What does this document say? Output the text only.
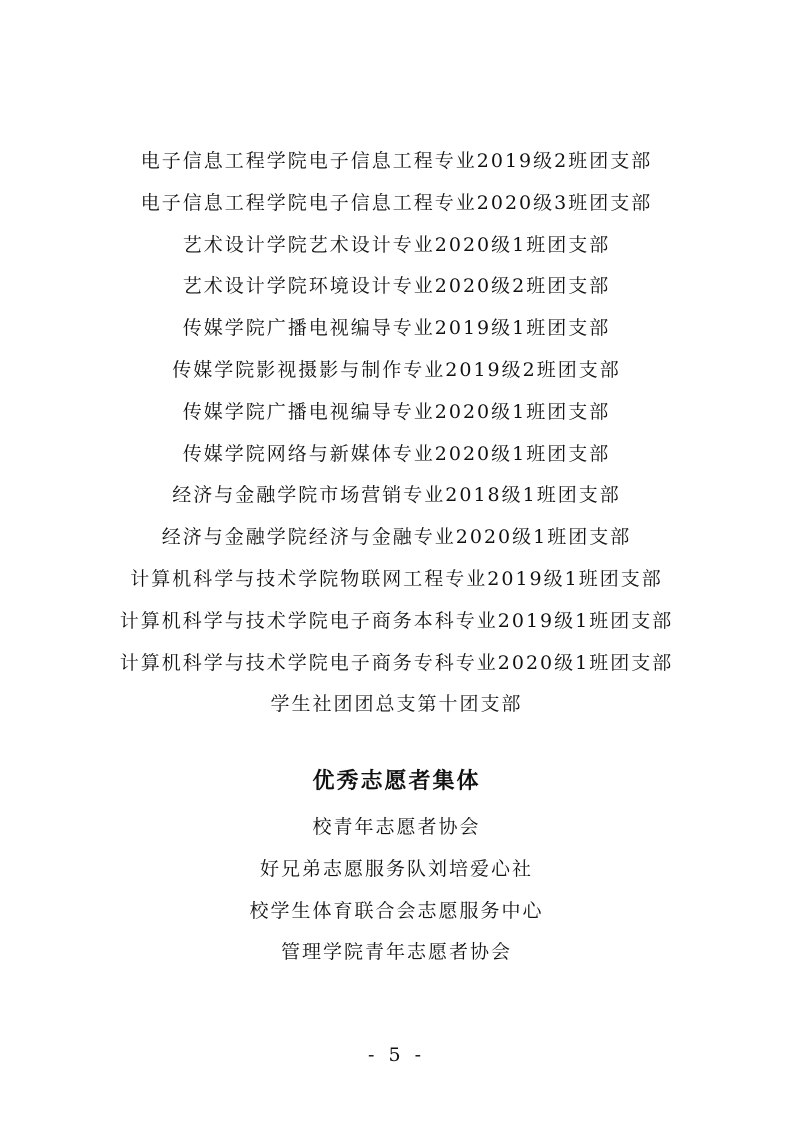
电子信息工程学院电子信息工程专业2019级2班团支部
电子信息工程学院电子信息工程专业2020级3班团支部
艺术设计学院艺术设计专业2020级1班团支部
艺术设计学院环境设计专业2020级2班团支部
传媒学院广播电视编导专业2019级1班团支部
传媒学院影视摄影与制作专业2019级2班团支部
传媒学院广播电视编导专业2020级1班团支部
传媒学院网络与新媒体专业2020级1班团支部
经济与金融学院市场营销专业2018级1班团支部
经济与金融学院经济与金融专业2020级1班团支部
计算机科学与技术学院物联网工程专业2019级1班团支部
计算机科学与技术学院电子商务本科专业2019级1班团支部
计算机科学与技术学院电子商务专科专业2020级1班团支部
学生社团团总支第十团支部
优秀志愿者集体
校青年志愿者协会
好兄弟志愿服务队刘培爱心社
校学生体育联合会志愿服务中心
管理学院青年志愿者协会
- 5 -
